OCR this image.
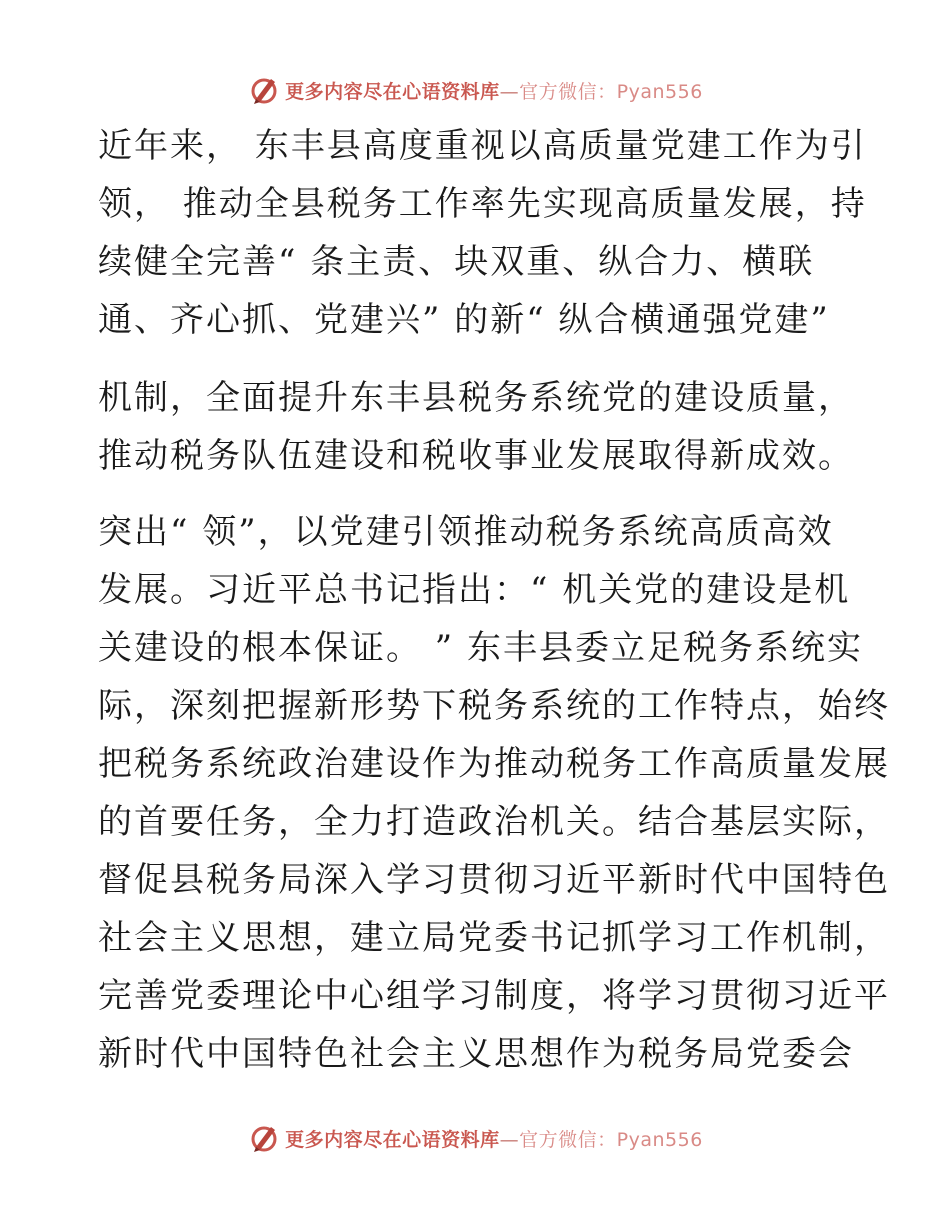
更多内容尽在心语资料库—官方微信：Pyan556

近年来， 东丰县高度重视以高质量党建工作为引

领， 推动全县税务工作率先实现高质量发展，持

续健全完善“ 条主责、块双重、纵合力、横联

通、齐心抓、党建兴” 的新“ 纵合横通强党建”

机制，全面提升东丰县税务系统党的建设质量，

推动税务队伍建设和税收事业发展取得新成效。

突出“ 领”，以党建引领推动税务系统高质高效

发展。习近平总书记指出：“ 机关党的建设是机

关建设的根本保证。 ” 东丰县委立足税务系统实

际，深刻把握新形势下税务系统的工作特点，始终

把税务系统政治建设作为推动税务工作高质量发展

的首要任务，全力打造政治机关。结合基层实际，

督促县税务局深入学习贯彻习近平新时代中国特色

社会主义思想，建立局党委书记抓学习工作机制，

完善党委理论中心组学习制度，将学习贯彻习近平

新时代中国特色社会主义思想作为税务局党委会

更多内容尽在心语资料库—官方微信：Pyan556
